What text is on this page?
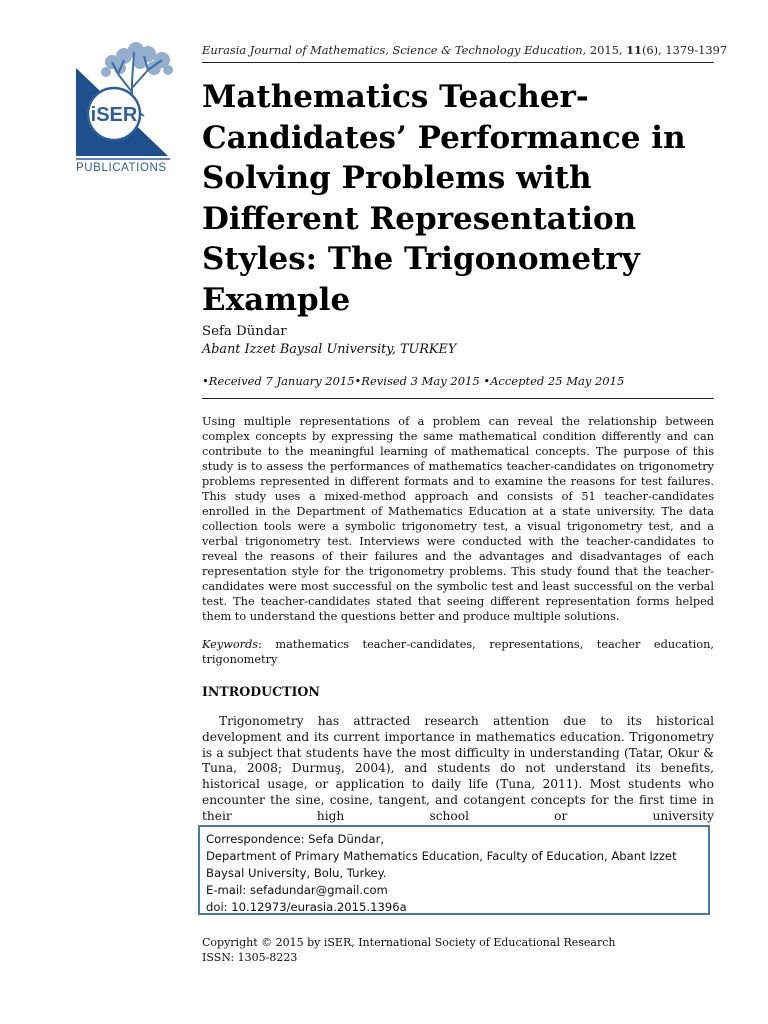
iSER
PUBLICATIONS
Eurasia Journal of Mathematics, Science & Technology Education, 2015, 11(6), 1379-1397
Mathematics Teacher-Candidates’ Performance in Solving Problems with Different Representation Styles: The Trigonometry Example
Sefa Dündar
Abant Izzet Baysal University, TURKEY
•Received 7 January 2015•Revised 3 May 2015 •Accepted 25 May 2015

Using multiple representations of a problem can reveal the relationship between complex concepts by expressing the same mathematical condition differently and can contribute to the meaningful learning of mathematical concepts. The purpose of this study is to assess the performances of mathematics teacher-candidates on trigonometry problems represented in different formats and to examine the reasons for test failures. This study uses a mixed-method approach and consists of 51 teacher-candidates enrolled in the Department of Mathematics Education at a state university. The data collection tools were a symbolic trigonometry test, a visual trigonometry test, and a verbal trigonometry test. Interviews were conducted with the teacher-candidates to reveal the reasons of their failures and the advantages and disadvantages of each representation style for the trigonometry problems. This study found that the teacher-candidates were most successful on the symbolic test and least successful on the verbal test. The teacher-candidates stated that seeing different representation forms helped them to understand the questions better and produce multiple solutions.

Keywords: mathematics teacher-candidates, representations, teacher education,
trigonometry

INTRODUCTION

Trigonometry has attracted research attention due to its historical development and its current importance in mathematics education. Trigonometry is a subject that students have the most difficulty in understanding (Tatar, Okur & Tuna, 2008; Durmuş, 2004), and students do not understand its benefits, historical usage, or application to daily life (Tuna, 2011). Most students who encounter the sine, cosine, tangent, and cotangent concepts for the first time in their high school or university

Correspondence: Sefa Dündar,
Department of Primary Mathematics Education, Faculty of Education, Abant Izzet
Baysal University, Bolu, Turkey.
E-mail: sefadundar@gmail.com
doi: 10.12973/eurasia.2015.1396a
Copyright © 2015 by iSER, International Society of Educational Research
ISSN: 1305-8223
